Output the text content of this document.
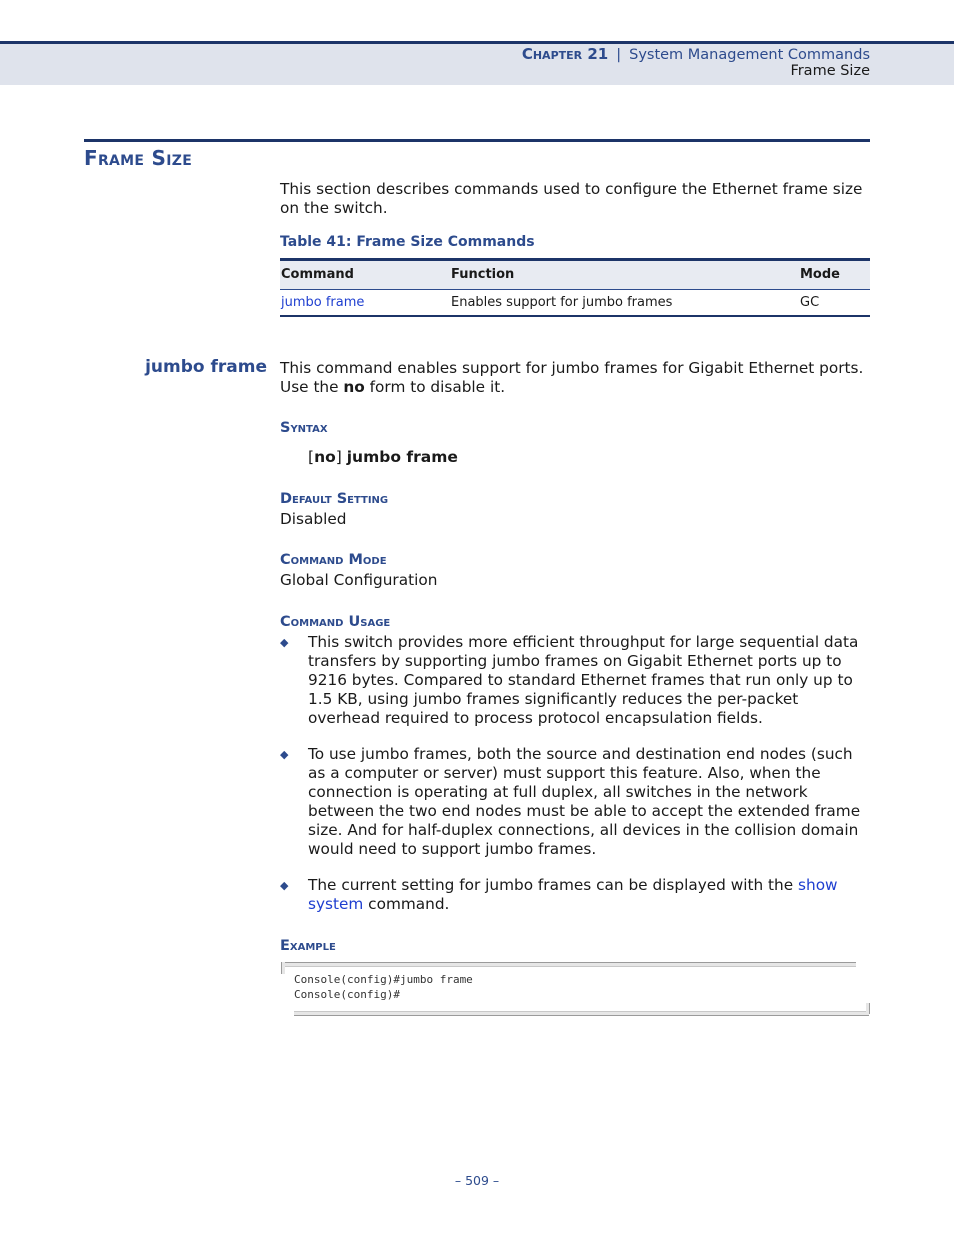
Chapter 21 | System Management Commands
Frame Size
Frame Size
This section describes commands used to configure the Ethernet frame size on the switch.
Table 41: Frame Size Commands
Command	Function	Mode
jumbo frame	Enables support for jumbo frames	GC
jumbo frame This command enables support for jumbo frames for Gigabit Ethernet ports. Use the no form to disable it.
Syntax
[no] jumbo frame
Default Setting
Disabled
Command Mode
Global Configuration
Command Usage
◆ This switch provides more efficient throughput for large sequential data transfers by supporting jumbo frames on Gigabit Ethernet ports up to 9216 bytes. Compared to standard Ethernet frames that run only up to 1.5 KB, using jumbo frames significantly reduces the per-packet overhead required to process protocol encapsulation fields.
◆ To use jumbo frames, both the source and destination end nodes (such as a computer or server) must support this feature. Also, when the connection is operating at full duplex, all switches in the network between the two end nodes must be able to accept the extended frame size. And for half-duplex connections, all devices in the collision domain would need to support jumbo frames.
◆ The current setting for jumbo frames can be displayed with the show system command.
Example
Console(config)#jumbo frame
Console(config)#
– 509 –
